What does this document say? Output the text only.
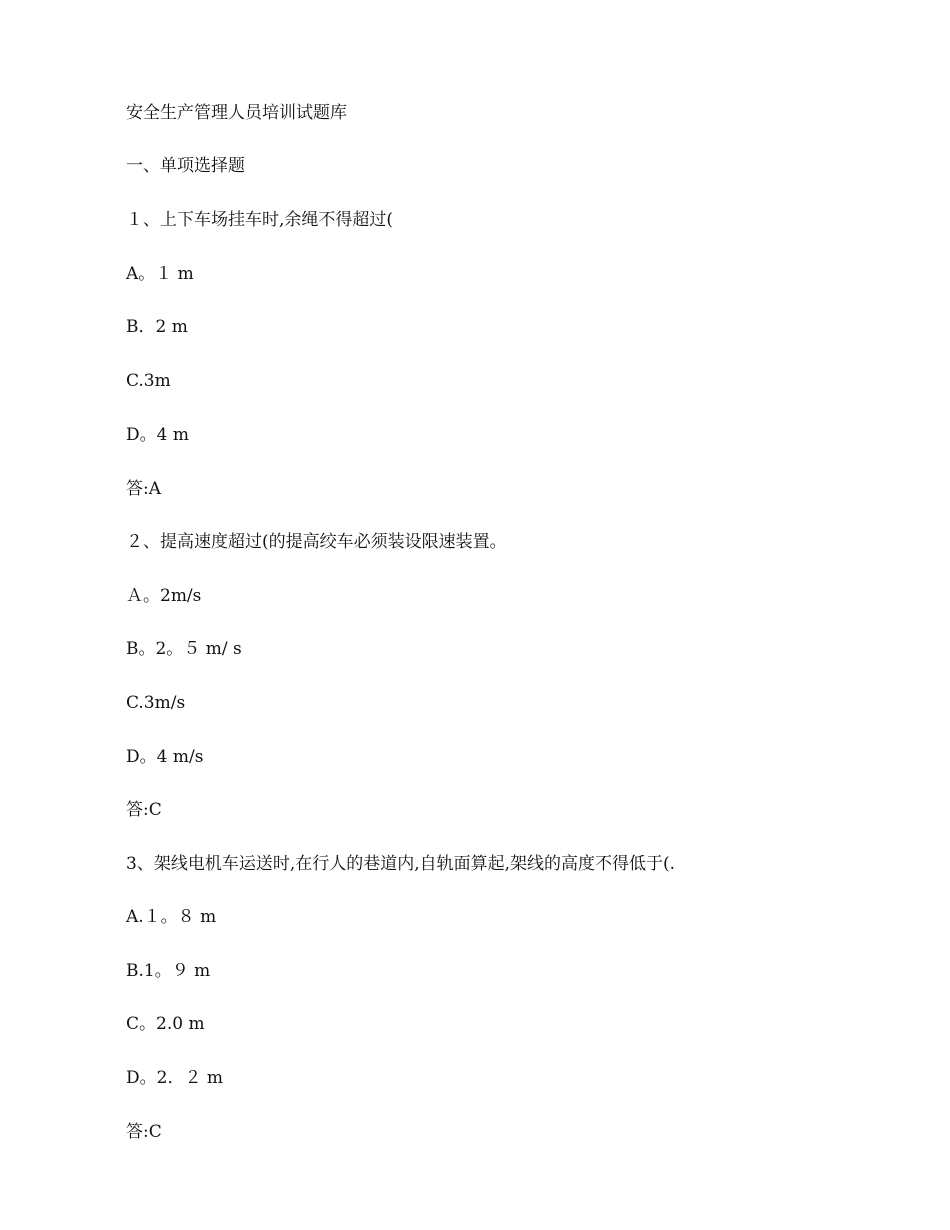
安全生产管理人员培训试题库
一、单项选择题
１、上下车场挂车时,余绳不得超过(
A。１ m
B．2 m
C.3m
D。4 m
答:A
２、提高速度超过(的提高绞车必须装设限速装置。
Ａ。2m/s
B。2。５ m/ s
C.3m/s
D。4 m/s
答:C
3、架线电机车运送时,在行人的巷道内,自轨面算起,架线的高度不得低于(.
A.１。８ m
B.1。９ m
C。2.0 m
D。2．２ m
答:C
